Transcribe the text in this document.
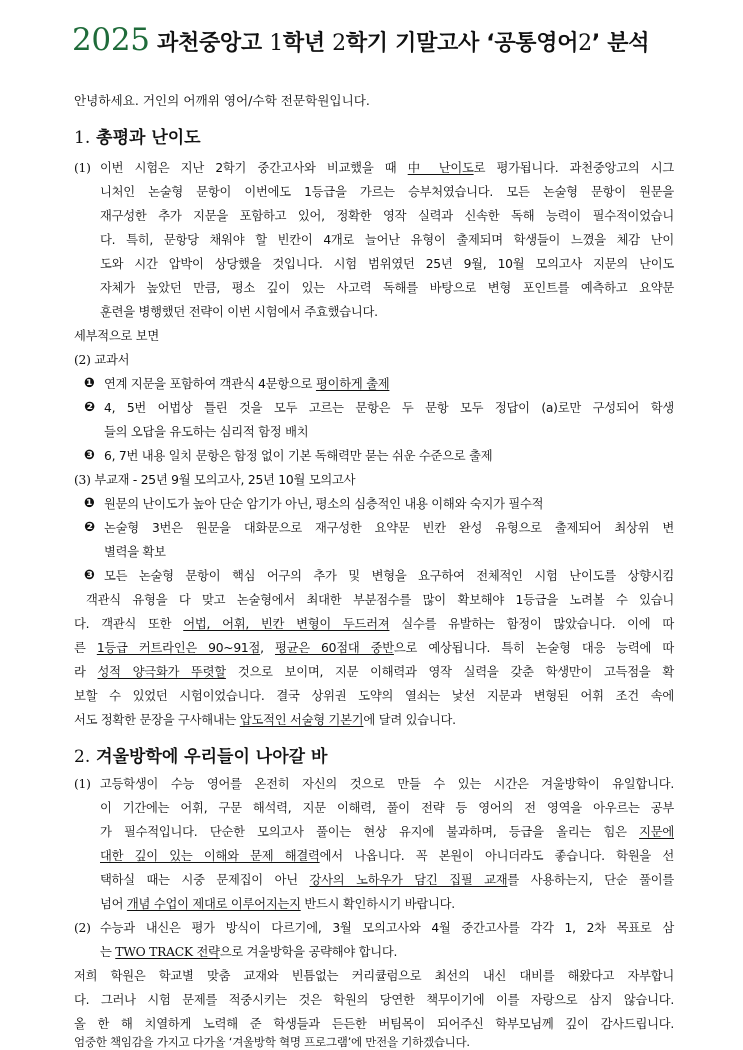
2025 과천중앙고 1학년 2학기 기말고사 ‘공통영어2’ 분석
안녕하세요. 거인의 어깨위 영어/수학 전문학원입니다.
1. 총평과 난이도
(1) 이번 시험은 지난 2학기 중간고사와 비교했을 때 中 난이도로 평가됩니다. 과천중앙고의 시그
니처인 논술형 문항이 이번에도 1등급을 가르는 승부처였습니다. 모든 논술형 문항이 원문을
재구성한 추가 지문을 포함하고 있어, 정확한 영작 실력과 신속한 독해 능력이 필수적이었습니
다. 특히, 문항당 채워야 할 빈칸이 4개로 늘어난 유형이 출제되며 학생들이 느꼈을 체감 난이
도와 시간 압박이 상당했을 것입니다. 시험 범위였던 25년 9월, 10월 모의고사 지문의 난이도
자체가 높았던 만큼, 평소 깊이 있는 사고력 독해를 바탕으로 변형 포인트를 예측하고 요약문
훈련을 병행했던 전략이 이번 시험에서 주효했습니다.
세부적으로 보면
(2) 교과서
❶ 연계 지문을 포함하여 객관식 4문항으로 평이하게 출제
❷ 4, 5번 어법상 틀린 것을 모두 고르는 문항은 두 문항 모두 정답이 (a)로만 구성되어 학생
들의 오답을 유도하는 심리적 함정 배치
❸ 6, 7번 내용 일치 문항은 함정 없이 기본 독해력만 묻는 쉬운 수준으로 출제
(3) 부교재 - 25년 9월 모의고사, 25년 10월 모의고사
❶ 원문의 난이도가 높아 단순 암기가 아닌, 평소의 심층적인 내용 이해와 숙지가 필수적
❷ 논술형 3번은 원문을 대화문으로 재구성한 요약문 빈칸 완성 유형으로 출제되어 최상위 변
별력을 확보
❸ 모든 논술형 문항이 핵심 어구의 추가 및 변형을 요구하여 전체적인 시험 난이도를 상향시킴
객관식 유형을 다 맞고 논술형에서 최대한 부분점수를 많이 확보해야 1등급을 노려볼 수 있습니
다. 객관식 또한 어법, 어휘, 빈칸 변형이 두드러져 실수를 유발하는 함정이 많았습니다. 이에 따
른 1등급 커트라인은 90~91점, 평균은 60점대 중반으로 예상됩니다. 특히 논술형 대응 능력에 따
라 성적 양극화가 뚜렷할 것으로 보이며, 지문 이해력과 영작 실력을 갖춘 학생만이 고득점을 확
보할 수 있었던 시험이었습니다. 결국 상위권 도약의 열쇠는 낯선 지문과 변형된 어휘 조건 속에
서도 정확한 문장을 구사해내는 압도적인 서술형 기본기에 달려 있습니다.
2. 겨울방학에 우리들이 나아갈 바
(1) 고등학생이 수능 영어를 온전히 자신의 것으로 만들 수 있는 시간은 겨울방학이 유일합니다.
이 기간에는 어휘, 구문 해석력, 지문 이해력, 풀이 전략 등 영어의 전 영역을 아우르는 공부
가 필수적입니다. 단순한 모의고사 풀이는 현상 유지에 불과하며, 등급을 올리는 힘은 지문에
대한 깊이 있는 이해와 문제 해결력에서 나옵니다. 꼭 본원이 아니더라도 좋습니다. 학원을 선
택하실 때는 시중 문제집이 아닌 강사의 노하우가 담긴 집필 교재를 사용하는지, 단순 풀이를
넘어 개념 수업이 제대로 이루어지는지 반드시 확인하시기 바랍니다.
(2) 수능과 내신은 평가 방식이 다르기에, 3월 모의고사와 4월 중간고사를 각각 1, 2차 목표로 삼
는 TWO TRACK 전략으로 겨울방학을 공략해야 합니다.
저희 학원은 학교별 맞춤 교재와 빈틈없는 커리큘럼으로 최선의 내신 대비를 해왔다고 자부합니
다. 그러나 시험 문제를 적중시키는 것은 학원의 당연한 책무이기에 이를 자랑으로 삼지 않습니다.
올 한 해 치열하게 노력해 준 학생들과 든든한 버팀목이 되어주신 학부모님께 깊이 감사드립니다.
엄중한 책임감을 가지고 다가올 ‘겨울방학 혁명 프로그램’에 만전을 기하겠습니다.
